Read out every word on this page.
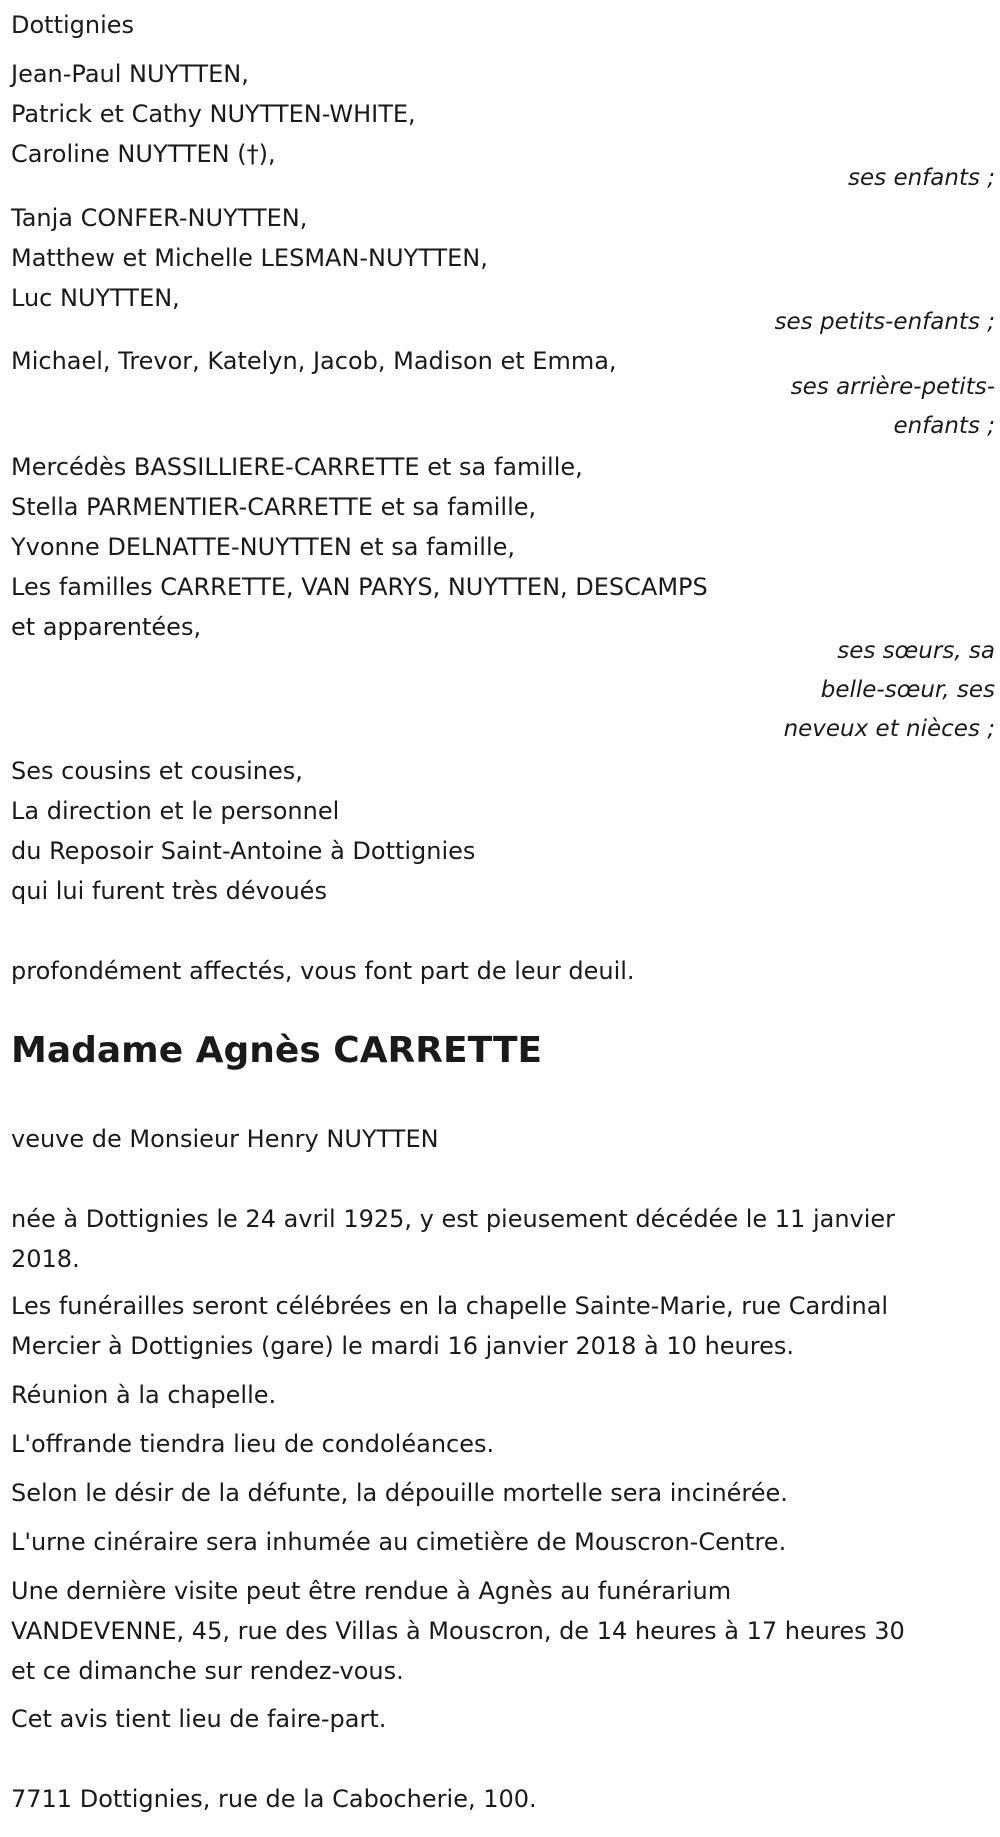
Dottignies
Jean-Paul NUYTTEN,
Patrick et Cathy NUYTTEN-WHITE,
Caroline NUYTTEN (†),
ses enfants ;
Tanja CONFER-NUYTTEN,
Matthew et Michelle LESMAN-NUYTTEN,
Luc NUYTTEN,
ses petits-enfants ;
Michael, Trevor, Katelyn, Jacob, Madison et Emma,
ses arrière-petits-
enfants ;
Mercédès BASSILLIERE-CARRETTE et sa famille,
Stella PARMENTIER-CARRETTE et sa famille,
Yvonne DELNATTE-NUYTTEN et sa famille,
Les familles CARRETTE, VAN PARYS, NUYTTEN, DESCAMPS
et apparentées,
ses sœurs, sa
belle-sœur, ses
neveux et nièces ;
Ses cousins et cousines,
La direction et le personnel
du Reposoir Saint-Antoine à Dottignies
qui lui furent très dévoués
profondément affectés, vous font part de leur deuil.
Madame Agnès CARRETTE
veuve de Monsieur Henry NUYTTEN
née à Dottignies le 24 avril 1925, y est pieusement décédée le 11 janvier
2018.
Les funérailles seront célébrées en la chapelle Sainte-Marie, rue Cardinal
Mercier à Dottignies (gare) le mardi 16 janvier 2018 à 10 heures.
Réunion à la chapelle.
L'offrande tiendra lieu de condoléances.
Selon le désir de la défunte, la dépouille mortelle sera incinérée.
L'urne cinéraire sera inhumée au cimetière de Mouscron-Centre.
Une dernière visite peut être rendue à Agnès au funérarium
VANDEVENNE, 45, rue des Villas à Mouscron, de 14 heures à 17 heures 30
et ce dimanche sur rendez-vous.
Cet avis tient lieu de faire-part.
7711 Dottignies, rue de la Cabocherie, 100.
